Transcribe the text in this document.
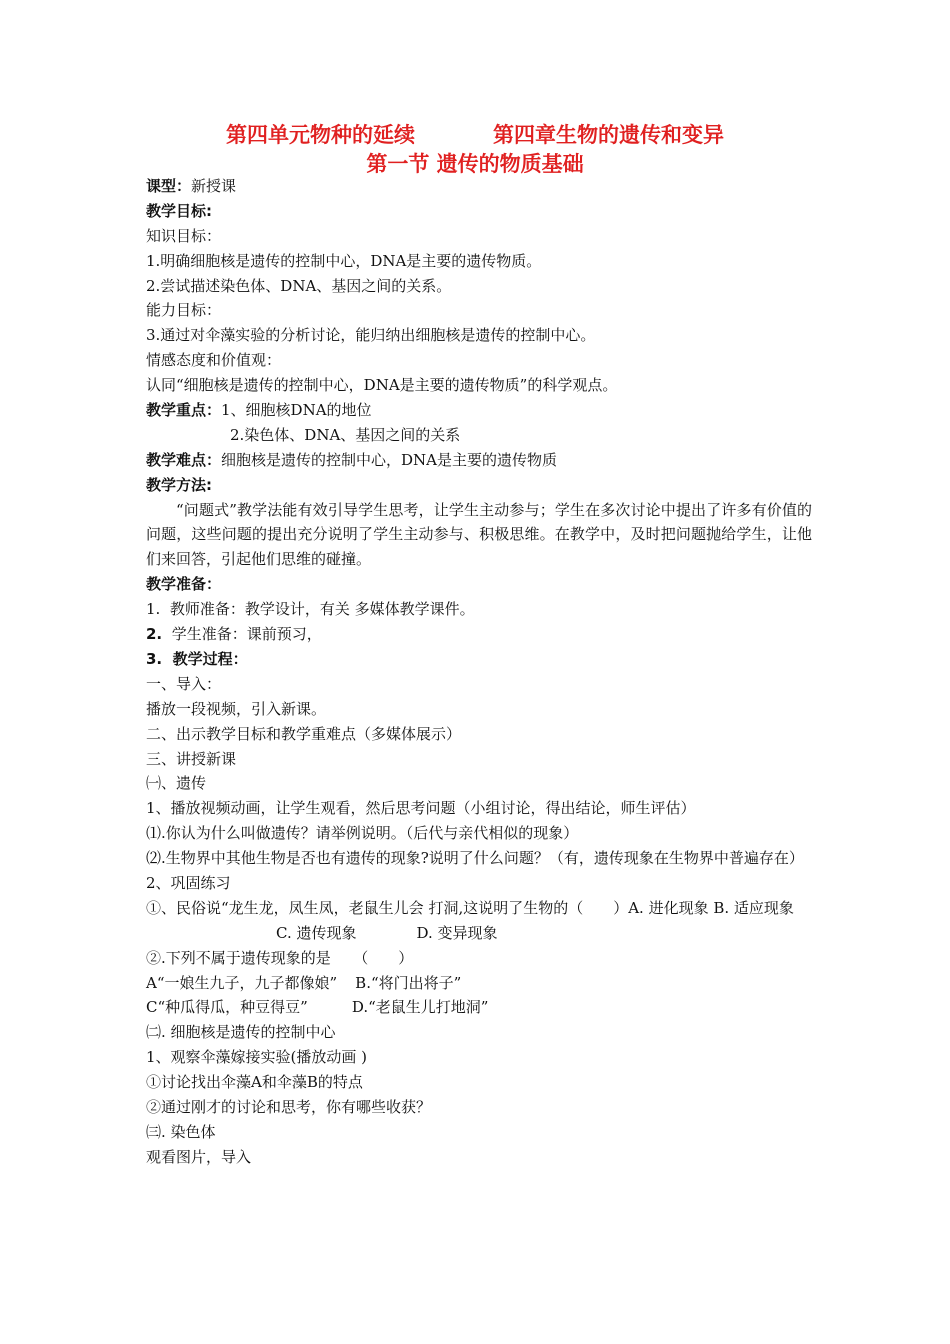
第四单元物种的延续	第四章生物的遗传和变异
第一节 遗传的物质基础
课型：新授课
教学目标:
知识目标：
1.明确细胞核是遗传的控制中心，DNA是主要的遗传物质。
2.尝试描述染色体、DNA、基因之间的关系。
能力目标：
3.通过对伞藻实验的分析讨论，能归纳出细胞核是遗传的控制中心。
情感态度和价值观：
认同“细胞核是遗传的控制中心，DNA是主要的遗传物质”的科学观点。
教学重点：1、细胞核DNA的地位
2.染色体、DNA、基因之间的关系
教学难点：细胞核是遗传的控制中心，DNA是主要的遗传物质
教学方法:
“问题式”教学法能有效引导学生思考，让学生主动参与；学生在多次讨论中提出了许多有价值的问题，这些问题的提出充分说明了学生主动参与、积极思维。在教学中，及时把问题抛给学生，让他们来回答，引起他们思维的碰撞。
教学准备：
1. 教师准备：教学设计，有关 多媒体教学课件。
2. 学生准备：课前预习，
3. 教学过程：
一、导入：
播放一段视频，引入新课。
二、出示教学目标和教学重难点（多媒体展示）
三、讲授新课
㈠、遗传
1、播放视频动画，让学生观看，然后思考问题（小组讨论，得出结论，师生评估）
⑴.你认为什么叫做遗传？请举例说明。（后代与亲代相似的现象）
⑵.生物界中其他生物是否也有遗传的现象?说明了什么问题？（有，遗传现象在生物界中普遍存在）
2、巩固练习
①、民俗说“龙生龙，凤生凤，老鼠生儿会 打洞,这说明了生物的（　　）A. 进化现象 B. 适应现象
C. 遗传现象	D. 变异现象
②.下列不属于遗传现象的是　　（　　）
A“一娘生九子，九子都像娘” B.“将门出将子”
C“种瓜得瓜，种豆得豆”	D.“老鼠生儿打地洞”
㈡. 细胞核是遗传的控制中心
1、观察伞藻嫁接实验(播放动画 )
①讨论找出伞藻A和伞藻B的特点
②通过刚才的讨论和思考，你有哪些收获？
㈢. 染色体
观看图片，导入
